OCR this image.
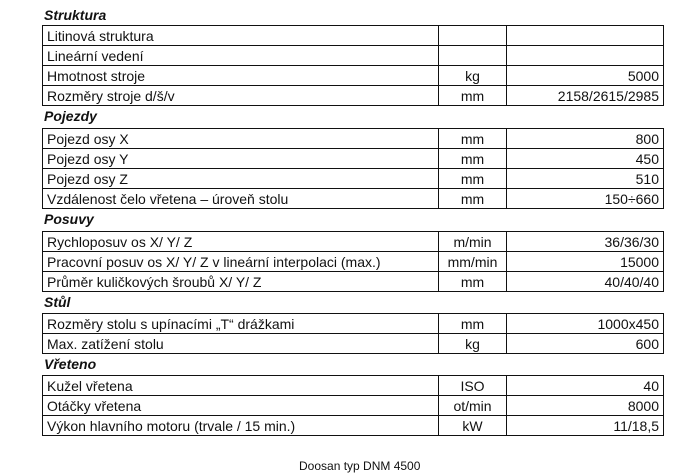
Struktura
Litinová struktura		
Lineární vedení		
Hmotnost stroje	kg	5000
Rozměry stroje d/š/v	mm	2158/2615/2985
Pojezdy
Pojezd osy X	mm	800
Pojezd osy Y	mm	450
Pojezd osy Z	mm	510
Vzdálenost čelo vřetena – úroveň stolu	mm	150÷660
Posuvy
Rychloposuv os X/ Y/ Z	m/min	36/36/30
Pracovní posuv os X/ Y/ Z v lineární interpolaci (max.)	mm/min	15000
Průměr kuličkových šroubů X/ Y/ Z	mm	40/40/40
Stůl
Rozměry stolu s upínacími „T“ drážkami	mm	1000x450
Max. zatížení stolu	kg	600
Vřeteno
Kužel vřetena	ISO	40
Otáčky vřetena	ot/min	8000
Výkon hlavního motoru (trvale / 15 min.)	kW	11/18,5
Doosan typ DNM 4500
